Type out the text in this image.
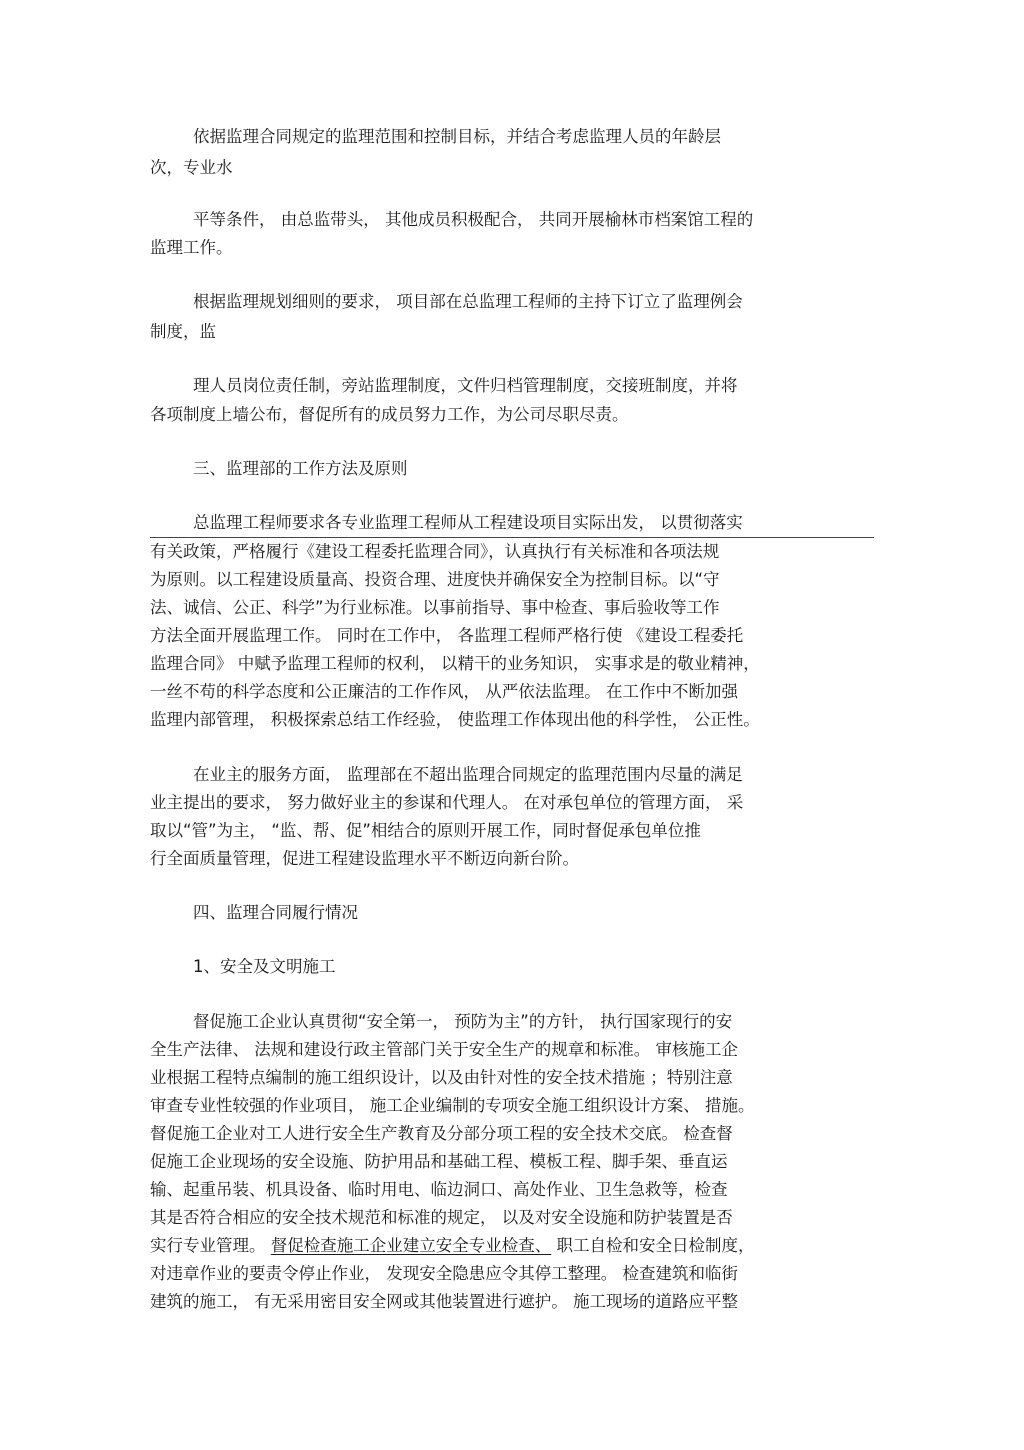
依据监理合同规定的监理范围和控制目标，并结合考虑监理人员的年龄层

次，专业水

平等条件， 由总监带头， 其他成员积极配合， 共同开展榆林市档案馆工程的

监理工作。

根据监理规划细则的要求， 项目部在总监理工程师的主持下订立了监理例会

制度，监

理人员岗位责任制，旁站监理制度，文件归档管理制度，交接班制度，并将

各项制度上墙公布，督促所有的成员努力工作，为公司尽职尽责。

三、监理部的工作方法及原则

总监理工程师要求各专业监理工程师从工程建设项目实际出发， 以贯彻落实

有关政策，严格履行《建设工程委托监理合同》，认真执行有关标准和各项法规

为原则。以工程建设质量高、投资合理、进度快并确保安全为控制目标。以“守

法、诚信、公正、科学”为行业标准。以事前指导、事中检查、事后验收等工作

方法全面开展监理工作。 同时在工作中， 各监理工程师严格行使 《建设工程委托

监理合同》 中赋予监理工程师的权利， 以精干的业务知识， 实事求是的敬业精神，

一丝不苟的科学态度和公正廉洁的工作作风， 从严依法监理。 在工作中不断加强

监理内部管理， 积极探索总结工作经验， 使监理工作体现出他的科学性， 公正性。

在业主的服务方面， 监理部在不超出监理合同规定的监理范围内尽量的满足

业主提出的要求， 努力做好业主的参谋和代理人。 在对承包单位的管理方面， 采

取以“管”为主， “监、帮、促”相结合的原则开展工作，同时督促承包单位推

行全面质量管理，促进工程建设监理水平不断迈向新台阶。

四、监理合同履行情况

1、安全及文明施工

督促施工企业认真贯彻“安全第一， 预防为主”的方针， 执行国家现行的安

全生产法律、 法规和建设行政主管部门关于安全生产的规章和标准。 审核施工企

业根据工程特点编制的施工组织设计，以及由针对性的安全技术措施 ；特别注意

审查专业性较强的作业项目， 施工企业编制的专项安全施工组织设计方案、 措施。

督促施工企业对工人进行安全生产教育及分部分项工程的安全技术交底。 检查督

促施工企业现场的安全设施、防护用品和基础工程、模板工程、脚手架、垂直运

输、起重吊装、机具设备、临时用电、临边洞口、高处作业、卫生急救等，检查

其是否符合相应的安全技术规范和标准的规定， 以及对安全设施和防护装置是否

实行专业管理。 督促检查施工企业建立安全专业检查、 职工自检和安全日检制度，

对违章作业的要责令停止作业， 发现安全隐患应令其停工整理。 检查建筑和临街

建筑的施工， 有无采用密目安全网或其他装置进行遮护。 施工现场的道路应平整
